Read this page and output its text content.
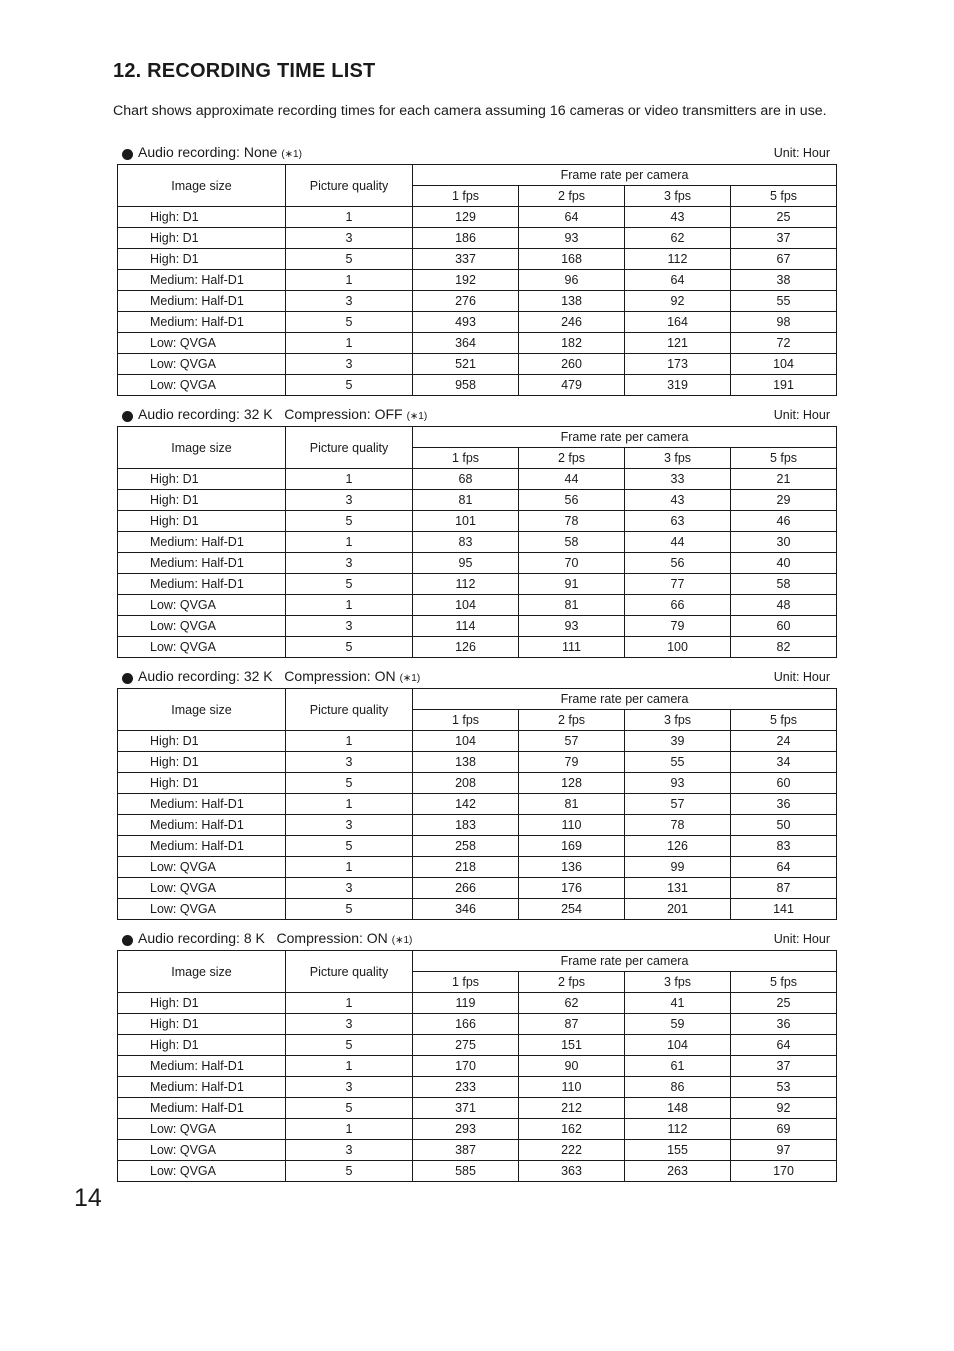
12. RECORDING TIME LIST
Chart shows approximate recording times for each camera assuming 16 cameras or video transmitters are in use.
Audio recording: None (∗1)	Unit: Hour
Image size	Picture quality	Frame rate per camera			
		1 fps	2 fps	3 fps	5 fps
High: D1	1	129	64	43	25
High: D1	3	186	93	62	37
High: D1	5	337	168	112	67
Medium: Half-D1	1	192	96	64	38
Medium: Half-D1	3	276	138	92	55
Medium: Half-D1	5	493	246	164	98
Low: QVGA	1	364	182	121	72
Low: QVGA	3	521	260	173	104
Low: QVGA	5	958	479	319	191
Audio recording: 32 K   Compression: OFF (∗1)	Unit: Hour
Image size	Picture quality	Frame rate per camera			
		1 fps	2 fps	3 fps	5 fps
High: D1	1	68	44	33	21
High: D1	3	81	56	43	29
High: D1	5	101	78	63	46
Medium: Half-D1	1	83	58	44	30
Medium: Half-D1	3	95	70	56	40
Medium: Half-D1	5	112	91	77	58
Low: QVGA	1	104	81	66	48
Low: QVGA	3	114	93	79	60
Low: QVGA	5	126	111	100	82
Audio recording: 32 K   Compression: ON (∗1)	Unit: Hour
Image size	Picture quality	Frame rate per camera			
		1 fps	2 fps	3 fps	5 fps
High: D1	1	104	57	39	24
High: D1	3	138	79	55	34
High: D1	5	208	128	93	60
Medium: Half-D1	1	142	81	57	36
Medium: Half-D1	3	183	110	78	50
Medium: Half-D1	5	258	169	126	83
Low: QVGA	1	218	136	99	64
Low: QVGA	3	266	176	131	87
Low: QVGA	5	346	254	201	141
Audio recording: 8 K   Compression: ON (∗1)	Unit: Hour
Image size	Picture quality	Frame rate per camera			
		1 fps	2 fps	3 fps	5 fps
High: D1	1	119	62	41	25
High: D1	3	166	87	59	36
High: D1	5	275	151	104	64
Medium: Half-D1	1	170	90	61	37
Medium: Half-D1	3	233	110	86	53
Medium: Half-D1	5	371	212	148	92
Low: QVGA	1	293	162	112	69
Low: QVGA	3	387	222	155	97
Low: QVGA	5	585	363	263	170
14
